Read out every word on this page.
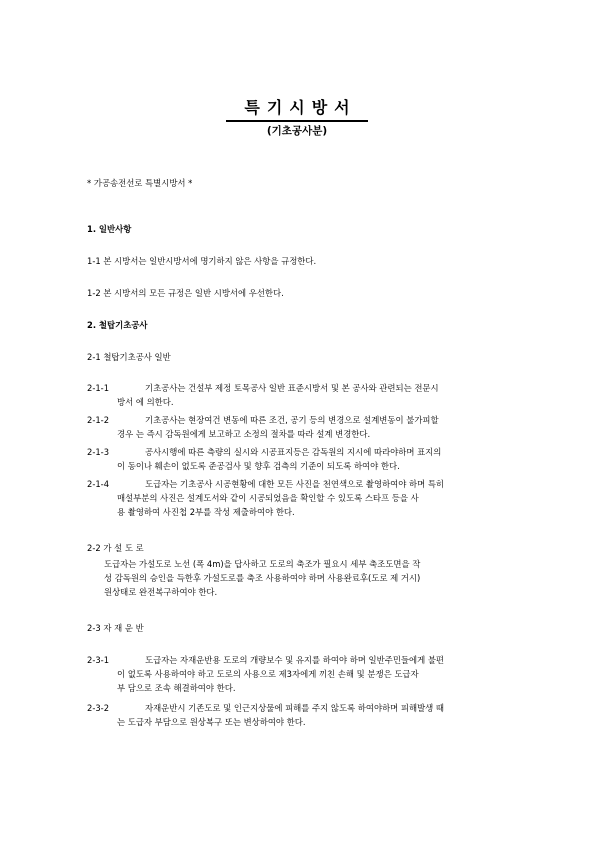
특기시방서
(기초공사분)
* 가공송전선로 특별시방서 *
1. 일반사항
1-1 본 시방서는 일반시방서에 명기하지 않은 사항을 규정한다.
1-2 본 시방서의 모든 규정은 일반 시방서에 우선한다.
2. 철탑기초공사
2-1 철탑기초공사 일반
2-1-1	기초공사는 건설부 제정 토목공사 일반 표준시방서 및 본 공사와 관련되는 전문시
방서 에 의한다.
2-1-2	기초공사는 현장여건 변동에 따른 조건, 공기 등의 변경으로 설계변동이 불가피할
경우 는 즉시 감독원에게 보고하고 소정의 절차를 따라 설계 변경한다.
2-1-3	공사시행에 따른 측량의 실시와 시공표지등은 감독원의 지시에 따라야하며 표지의
이 동이나 훼손이 없도록 준공검사 및 향후 검측의 기준이 되도록 하여야 한다.
2-1-4	도급자는 기초공사 시공현황에 대한 모든 사진을 천연색으로 촬영하여야 하며 특히
매설부분의 사진은 설계도서와 같이 시공되었음을 확인할 수 있도록 스타프 등을 사
용 촬영하여 사진첩 2부를 작성 제출하여야 한다.
2-2 가 설 도 로
도급자는 가설도로 노선 (폭 4m)을 답사하고 도로의 축조가 필요시 세부 축조도면을 작
성 감독원의 승인을 득한후 가설도로를 축조 사용하여야 하며 사용완료후(도로 제 거시)
원상태로 완전복구하여야 한다.
2-3 자 재 운 반
2-3-1	도급자는 자재운반용 도로의 개량보수 및 유지를 하여야 하며 일반주민들에게 불편
이 없도록 사용하여야 하고 도로의 사용으로 제3자에게 끼친 손해 및 분쟁은 도급자
부 담으로 조속 해결하여야 한다.
2-3-2	자재운반시 기존도로 및 인근지상물에 피해를 주지 않도록 하여야하며 피해발생 때
는 도급자 부담으로 원상복구 또는 변상하여야 한다.
